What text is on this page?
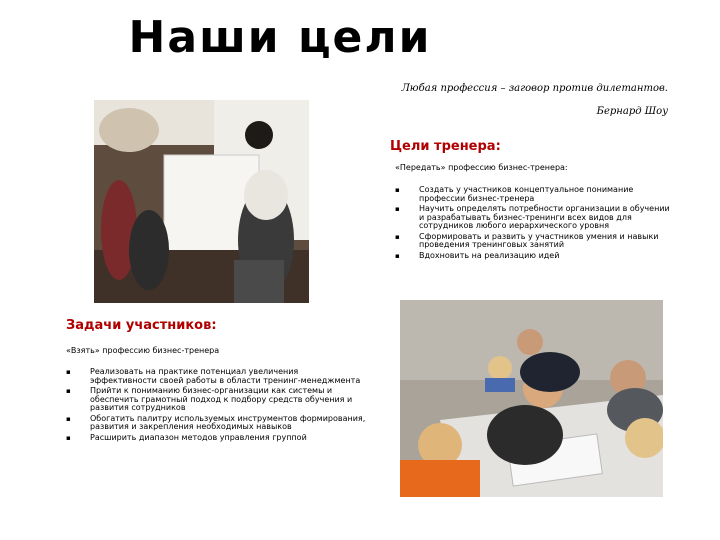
Наши цели
Любая профессия – заговор против дилетантов.
Бернард Шоу
Цели тренера:
«Передать» профессию бизнес-тренера:
▪ Создать у участников концептуальное понимание профессии бизнес-тренера
▪ Научить определять потребности организации в обучении и разрабатывать бизнес-тренинги всех видов для сотрудников любого иерархического уровня
▪ Сформировать и развить у участников умения и навыки проведения тренинговых занятий
▪ Вдохновить на реализацию идей
Задачи участников:
«Взять» профессию бизнес-тренера
▪ Реализовать на практике потенциал увеличения эффективности своей работы в области тренинг-менеджмента
▪ Прийти к пониманию бизнес-организации как системы и обеспечить грамотный подход к подбору средств обучения и развития сотрудников
▪ Обогатить палитру используемых инструментов формирования, развития и закрепления необходимых навыков
▪ Расширить диапазон методов управления группой
